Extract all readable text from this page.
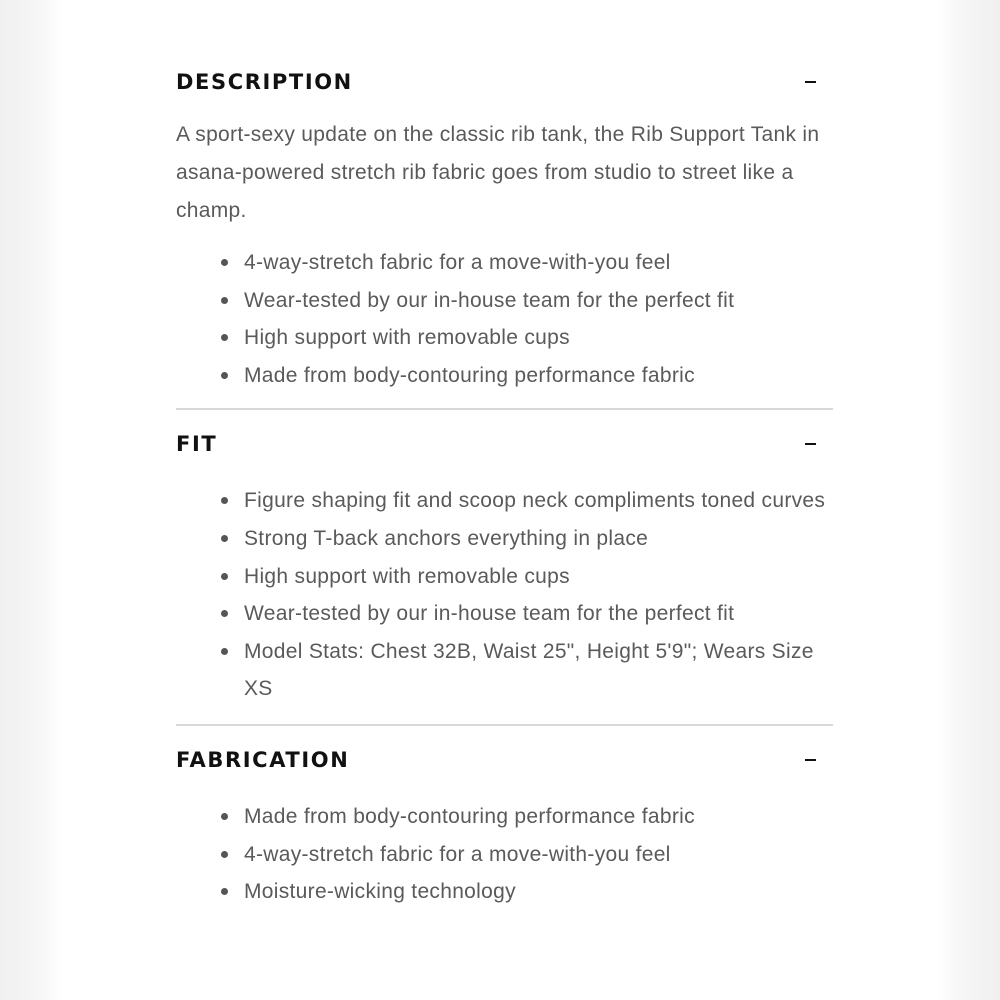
DESCRIPTION

A sport-sexy update on the classic rib tank, the Rib Support Tank in asana-powered stretch rib fabric goes from studio to street like a champ.

4-way-stretch fabric for a move-with-you feel
Wear-tested by our in-house team for the perfect fit
High support with removable cups
Made from body-contouring performance fabric
FIT
Figure shaping fit and scoop neck compliments toned curves
Strong T-back anchors everything in place
High support with removable cups
Wear-tested by our in-house team for the perfect fit
Model Stats: Chest 32B, Waist 25", Height 5'9"; Wears Size XS
FABRICATION
Made from body-contouring performance fabric
4-way-stretch fabric for a move-with-you feel
Moisture-wicking technology
